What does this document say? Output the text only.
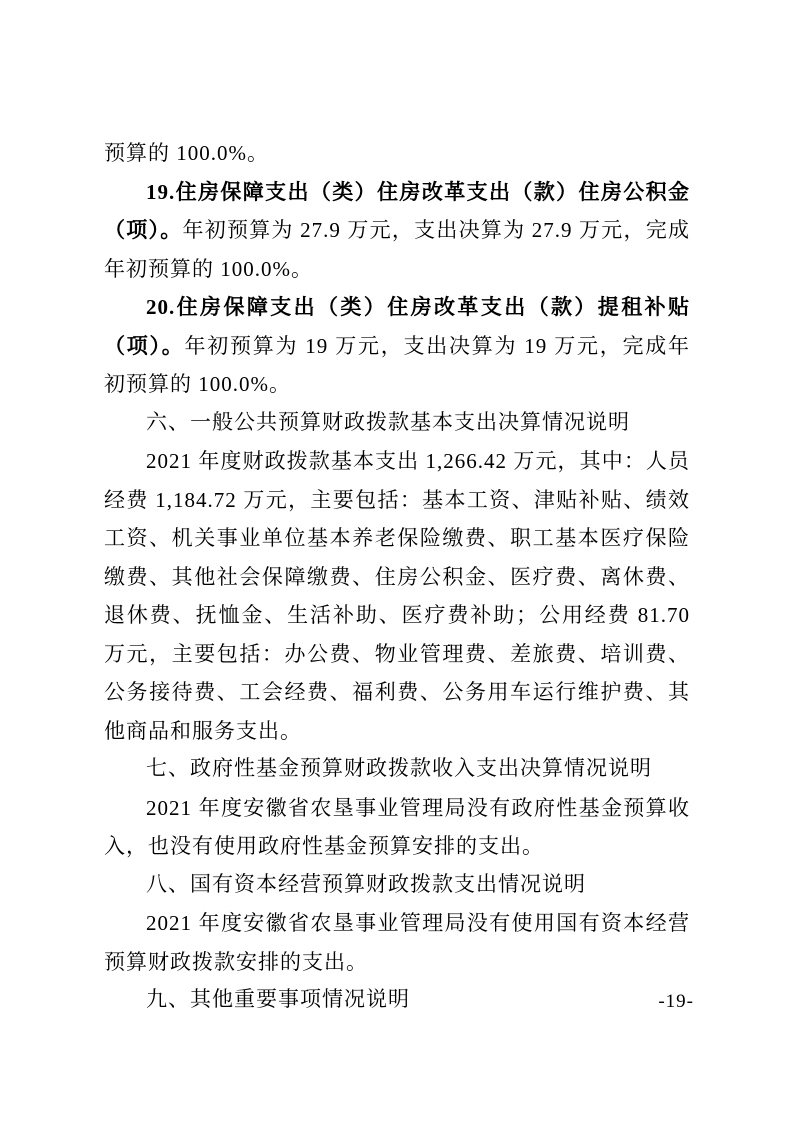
预算的 100.0%。

19.住房保障支出（类）住房改革支出（款）住房公积金（项）。年初预算为 27.9 万元，支出决算为 27.9 万元，完成年初预算的 100.0%。

20.住房保障支出（类）住房改革支出（款）提租补贴（项）。年初预算为 19 万元，支出决算为 19 万元，完成年初预算的 100.0%。

六、一般公共预算财政拨款基本支出决算情况说明

2021 年度财政拨款基本支出 1,266.42 万元，其中：人员经费 1,184.72 万元，主要包括：基本工资、津贴补贴、绩效工资、机关事业单位基本养老保险缴费、职工基本医疗保险缴费、其他社会保障缴费、住房公积金、医疗费、离休费、退休费、抚恤金、生活补助、医疗费补助；公用经费 81.70 万元，主要包括：办公费、物业管理费、差旅费、培训费、公务接待费、工会经费、福利费、公务用车运行维护费、其他商品和服务支出。

七、政府性基金预算财政拨款收入支出决算情况说明

2021 年度安徽省农垦事业管理局没有政府性基金预算收入，也没有使用政府性基金预算安排的支出。

八、国有资本经营预算财政拨款支出情况说明

2021 年度安徽省农垦事业管理局没有使用国有资本经营预算财政拨款安排的支出。

九、其他重要事项情况说明	-19-
